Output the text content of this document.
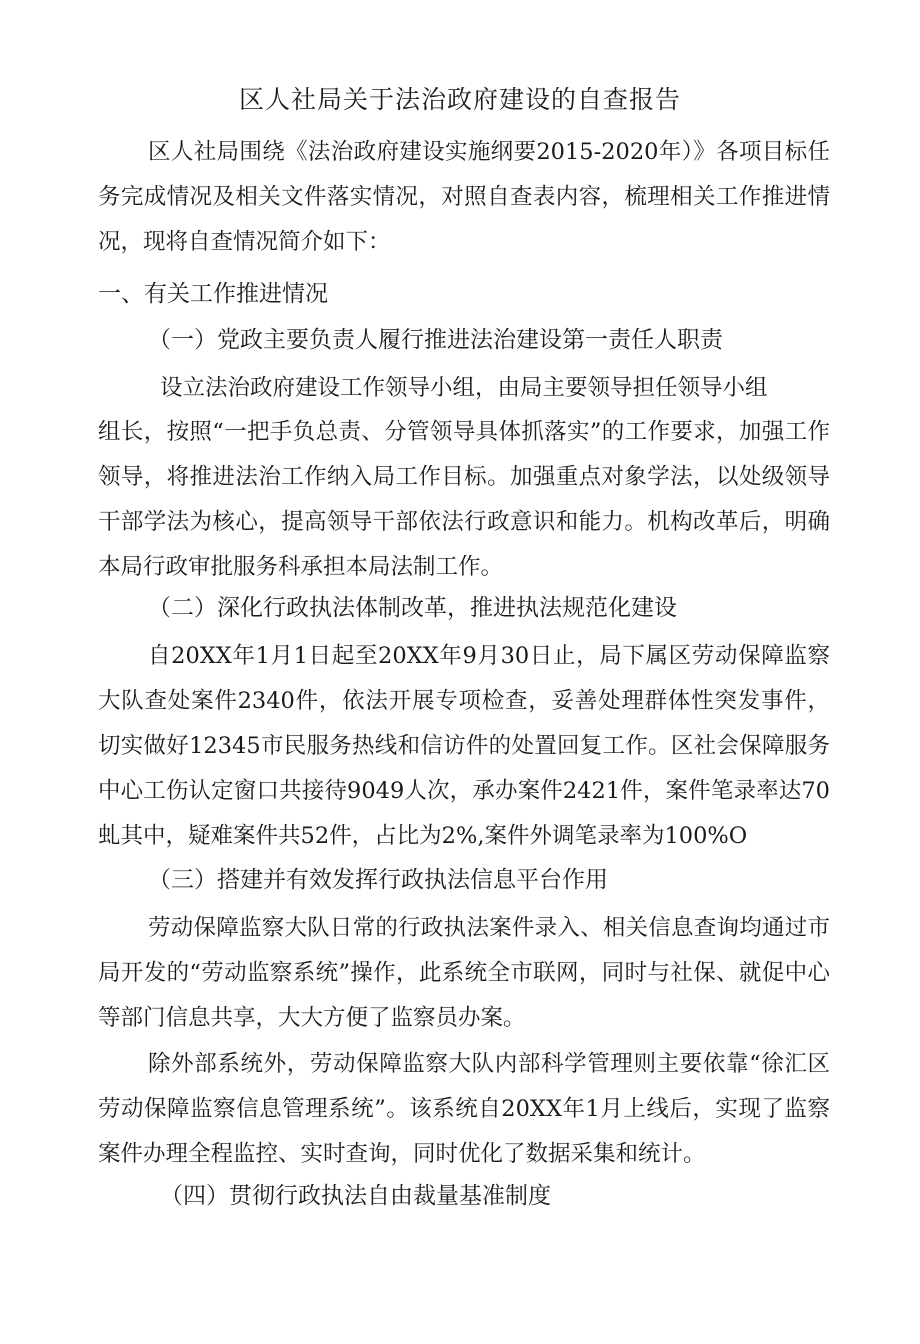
区人社局关于法治政府建设的自查报告

区人社局围绕《法治政府建设实施纲要2015-2020年）》各项目标任务完成情况及相关文件落实情况，对照自查表内容，梳理相关工作推进情况，现将自查情况简介如下：

一、有关工作推进情况
（一）党政主要负责人履行推进法治建设第一责任人职责

设立法治政府建设工作领导小组，由局主要领导担任领导小组

组长，按照“一把手负总责、分管领导具体抓落实”的工作要求，加强工作领导，将推进法治工作纳入局工作目标。加强重点对象学法，以处级领导干部学法为核心，提高领导干部依法行政意识和能力。机构改革后，明确本局行政审批服务科承担本局法制工作。

（二）深化行政执法体制改革，推进执法规范化建设

自20XX年1月1日起至20XX年9月30日止，局下属区劳动保障监察大队查处案件2340件，依法开展专项检查，妥善处理群体性突发事件，切实做好12345市民服务热线和信访件的处置回复工作。区社会保障服务中心工伤认定窗口共接待9049人次，承办案件2421件，案件笔录率达70虬其中，疑难案件共52件，占比为2%,案件外调笔录率为100%O

（三）搭建并有效发挥行政执法信息平台作用

劳动保障监察大队日常的行政执法案件录入、相关信息查询均通过市局开发的“劳动监察系统”操作，此系统全市联网，同时与社保、就促中心等部门信息共享，大大方便了监察员办案。

除外部系统外，劳动保障监察大队内部科学管理则主要依靠“徐汇区劳动保障监察信息管理系统”。该系统自20XX年1月上线后，实现了监察案件办理全程监控、实时查询，同时优化了数据采集和统计。

（四）贯彻行政执法自由裁量基准制度
